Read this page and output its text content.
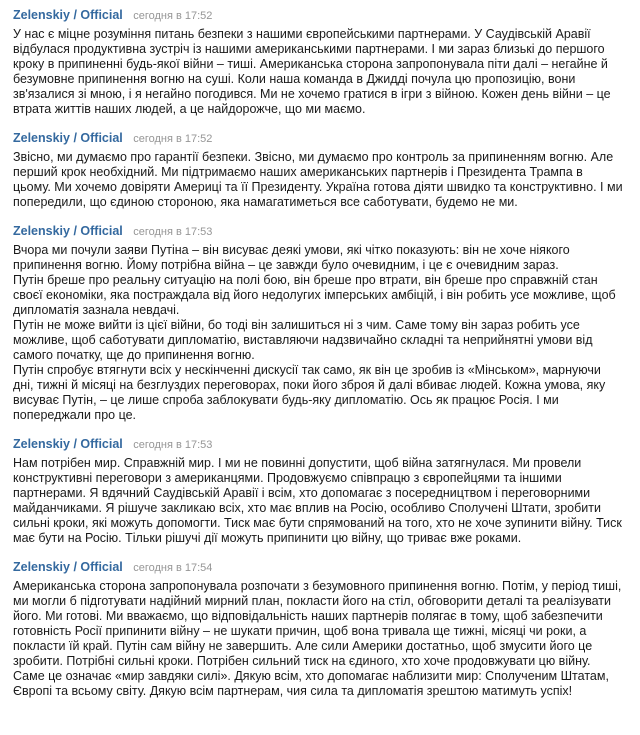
Zelenskiy / Official сегодня в 17:52
У нас є міцне розуміння питань безпеки з нашими європейськими партнерами. У Саудівській Аравії відбулася продуктивна зустріч із нашими американськими партнерами. І ми зараз близькі до першого кроку в припиненні будь-якої війни – тиші. Американська сторона запропонувала піти далі – негайне й безумовне припинення вогню на суші. Коли наша команда в Джидді почула цю пропозицію, вони зв'язалися зі мною, і я негайно погодився. Ми не хочемо гратися в ігри з війною. Кожен день війни – це втрата життів наших людей, а це найдорожче, що ми маємо.
Zelenskiy / Official сегодня в 17:52
Звісно, ми думаємо про гарантії безпеки. Звісно, ми думаємо про контроль за припиненням вогню. Але перший крок необхідний. Ми підтримаємо наших американських партнерів і Президента Трампа в цьому. Ми хочемо довіряти Америці та її Президенту. Україна готова діяти швидко та конструктивно. І ми попередили, що єдиною стороною, яка намагатиметься все саботувати, будемо не ми.
Zelenskiy / Official сегодня в 17:53
Вчора ми почули заяви Путіна – він висуває деякі умови, які чітко показують: він не хоче ніякого припинення вогню. Йому потрібна війна – це завжди було очевидним, і це є очевидним зараз.
Путін бреше про реальну ситуацію на полі бою, він бреше про втрати, він бреше про справжній стан своєї економіки, яка постраждала від його недолугих імперських амбіцій, і він робить усе можливе, щоб дипломатія зазнала невдачі.
Путін не може вийти із цієї війни, бо тоді він залишиться ні з чим. Саме тому він зараз робить усе можливе, щоб саботувати дипломатію, виставляючи надзвичайно складні та неприйнятні умови від самого початку, ще до припинення вогню.
Путін спробує втягнути всіх у нескінченні дискусії так само, як він це зробив із «Мінськом», марнуючи дні, тижні й місяці на безглуздих переговорах, поки його зброя й далі вбиває людей. Кожна умова, яку висуває Путін, – це лише спроба заблокувати будь-яку дипломатію. Ось як працює Росія. І ми попереджали про це.
Zelenskiy / Official сегодня в 17:53
Нам потрібен мир. Справжній мир. І ми не повинні допустити, щоб війна затягнулася. Ми провели конструктивні переговори з американцями. Продовжуємо співпрацю з європейцями та іншими партнерами. Я вдячний Саудівській Аравії і всім, хто допомагає з посередництвом і переговорними майданчиками. Я рішуче закликаю всіх, хто має вплив на Росію, особливо Сполучені Штати, зробити сильні кроки, які можуть допомогти. Тиск має бути спрямований на того, хто не хоче зупинити війну. Тиск має бути на Росію. Тільки рішучі дії можуть припинити цю війну, що триває вже роками.
Zelenskiy / Official сегодня в 17:54
Американська сторона запропонувала розпочати з безумовного припинення вогню. Потім, у період тиші, ми могли б підготувати надійний мирний план, покласти його на стіл, обговорити деталі та реалізувати його. Ми готові. Ми вважаємо, що відповідальність наших партнерів полягає в тому, щоб забезпечити готовність Росії припинити війну – не шукати причин, щоб вона тривала ще тижні, місяці чи роки, а покласти їй край. Путін сам війну не завершить. Але сили Америки достатньо, щоб змусити його це зробити. Потрібні сильні кроки. Потрібен сильний тиск на єдиного, хто хоче продовжувати цю війну. Саме це означає «мир завдяки силі». Дякую всім, хто допомагає наблизити мир: Сполученим Штатам, Європі та всьому світу. Дякую всім партнерам, чия сила та дипломатія зрештою матимуть успіх!
